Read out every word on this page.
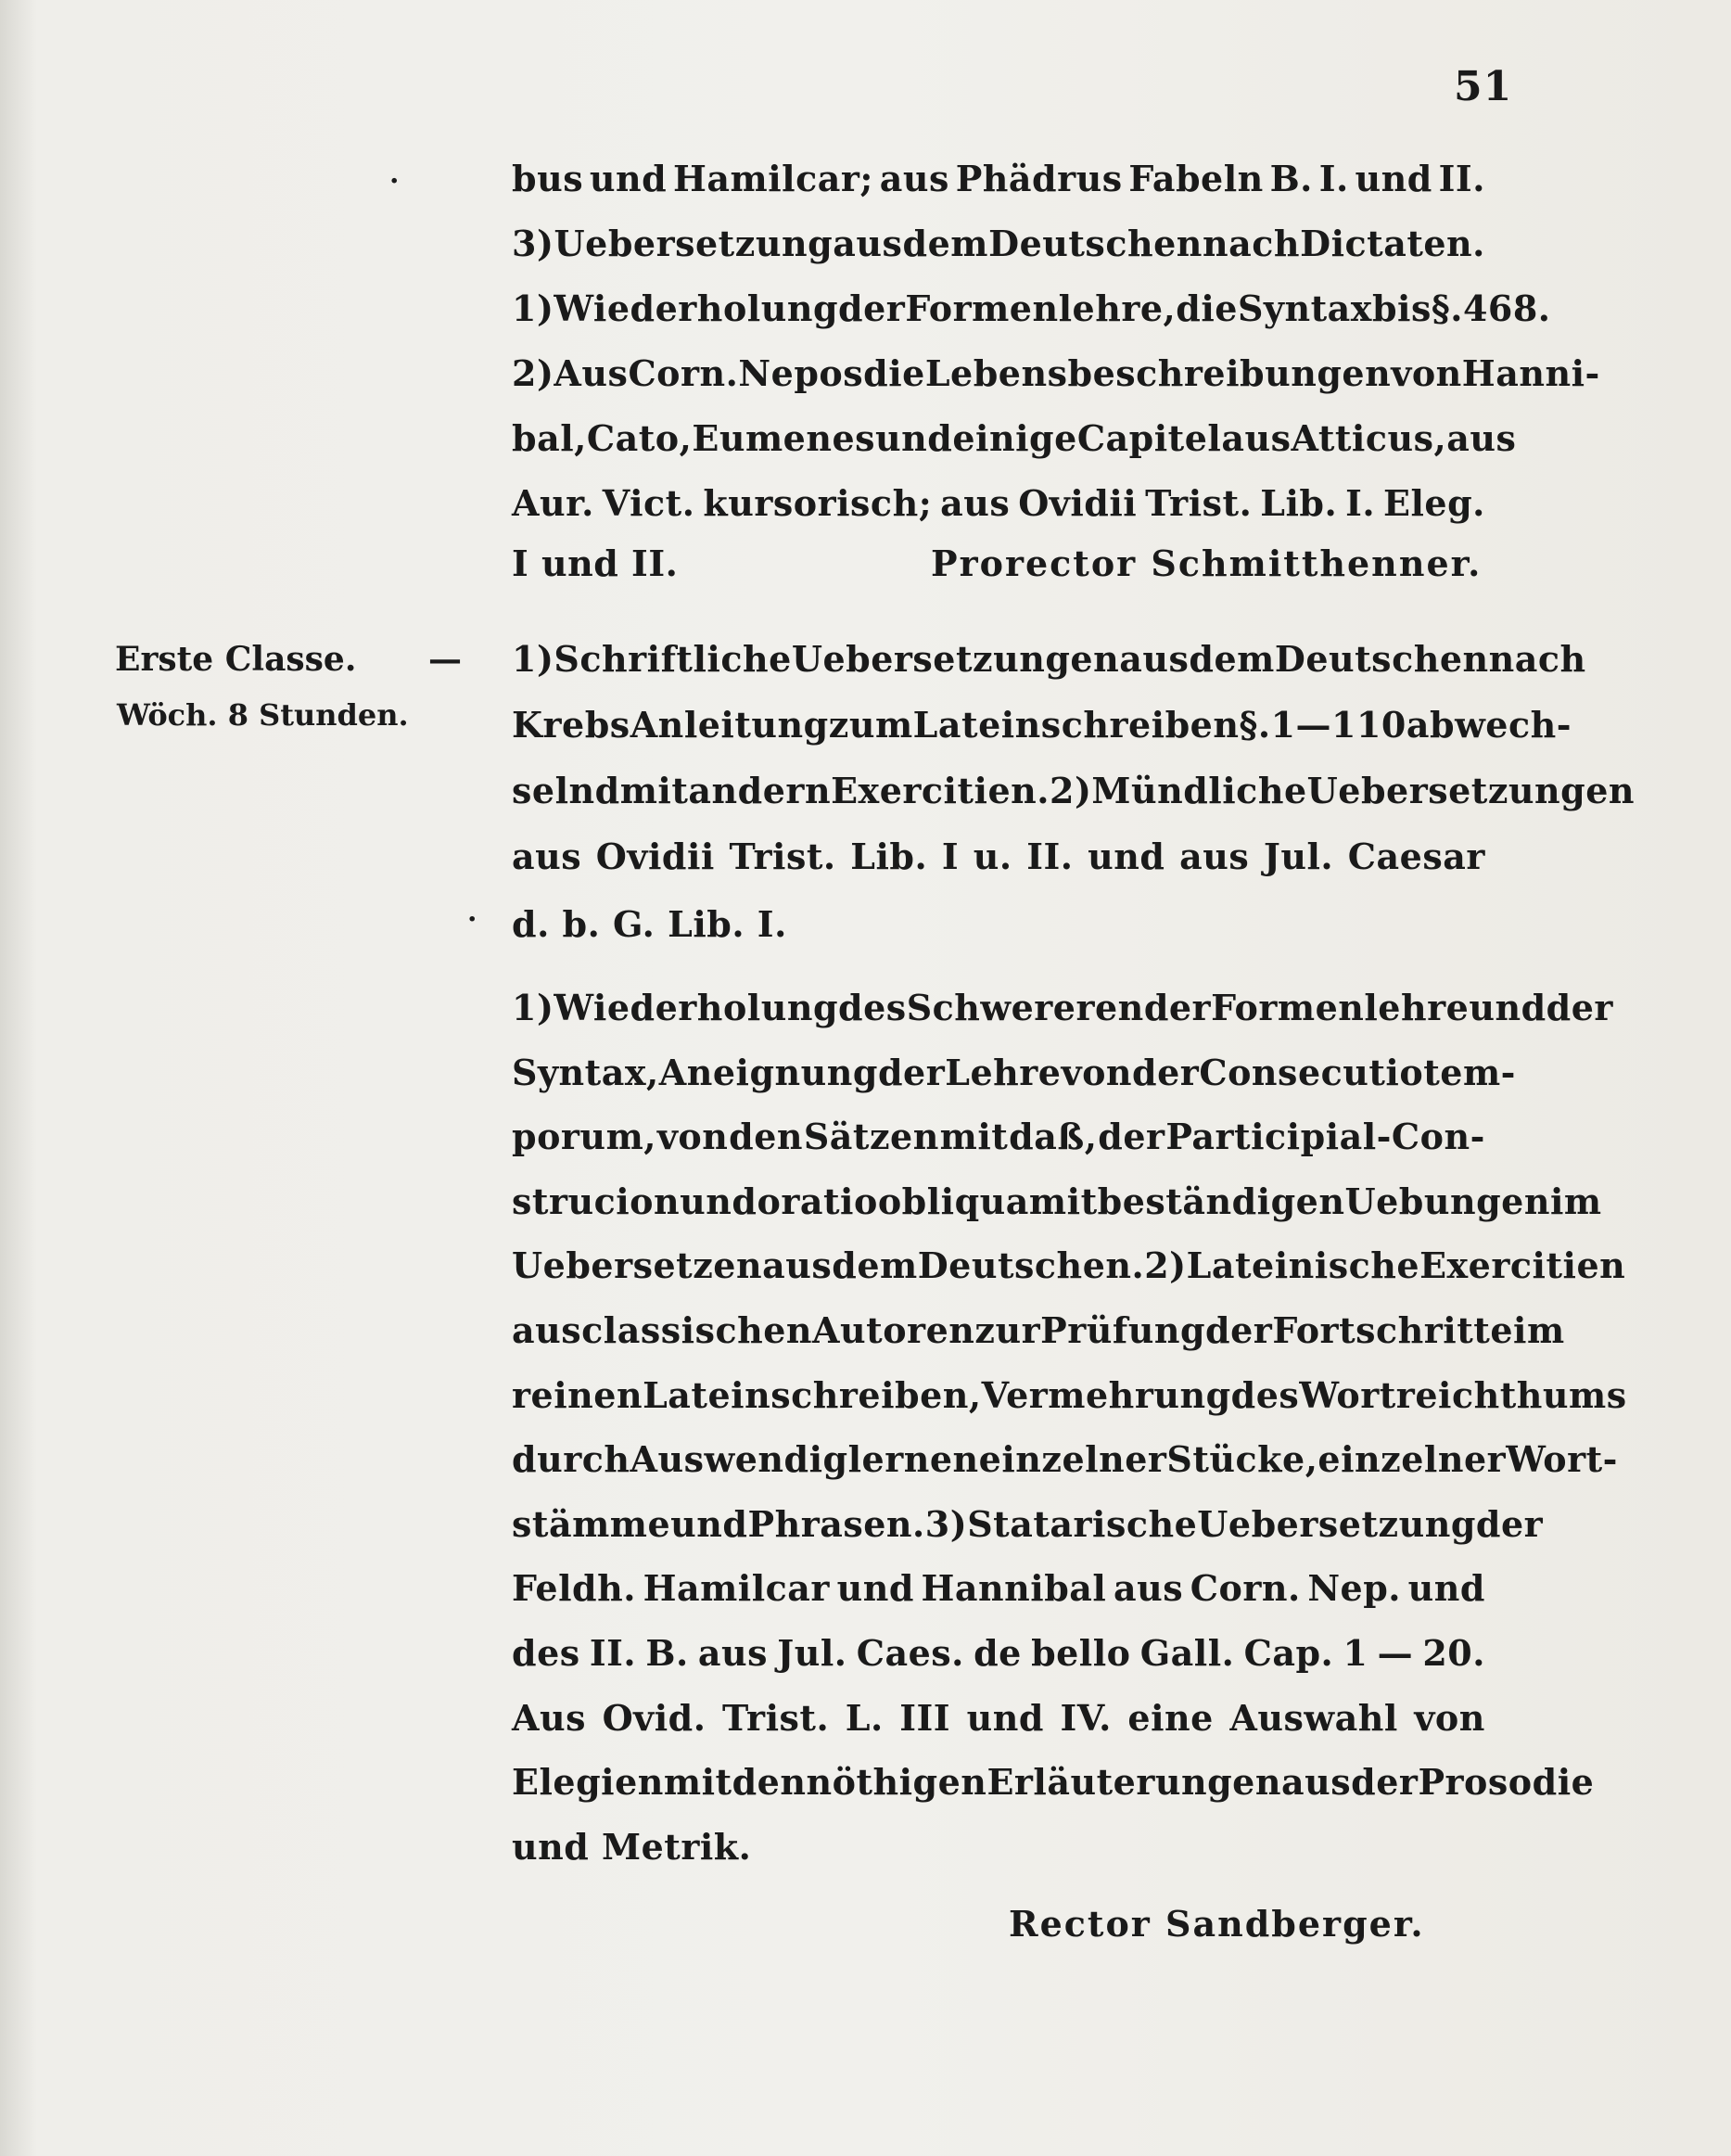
51
.	bus und Hamilcar; aus Phädrus Fabeln B. I. und II.
3) Uebersetzung aus dem Deutschen nach Dictaten.
1) Wiederholung der Formenlehre, die Syntax bis §. 468.
2) Aus Corn. Nepos die Lebensbeschreibungen von Hanni-
bal, Cato, Eumenes und einige Capitel aus Atticus, aus
Aur. Vict. kursorisch; aus Ovidii Trist. Lib. I. Eleg.
I und II.	Prorector Schmitthenner.
Erste Classe. —
Wöch. 8 Stunden.
1) Schriftliche Uebersetzungen aus dem Deutschen nach
Krebs Anleitung zum Lateinschreiben §. 1 — 110 abwech-
selnd mit andern Exercitien. 2) Mündliche Uebersetzungen
aus Ovidii Trist. Lib. I u. II. und aus Jul. Caesar
d. b. G. Lib. I.
·
1) Wiederholung des Schwereren der Formenlehre und der
Syntax, Aneignung der Lehre von der Consecutio tem-
porum, von den Sätzen mit daß, der Participial-Con-
strucion und oratio obliqua mit beständigen Uebungen im
Uebersetzen aus dem Deutschen. 2) Lateinische Exercitien
aus classischen Autoren zur Prüfung der Fortschritte im
reinen Lateinschreiben, Vermehrung des Wortreichthums
durch Auswendiglernen einzelner Stücke, einzelner Wort-
stämme und Phrasen. 3) Statarische Uebersetzung der
Feldh. Hamilcar und Hannibal aus Corn. Nep. und
des II. B. aus Jul. Caes. de bello Gall. Cap. 1 — 20.
Aus Ovid. Trist. L. III und IV. eine Auswahl von
Elegien mit den nöthigen Erläuterungen aus der Prosodie
und Metrik.
Rector Sandberger.
